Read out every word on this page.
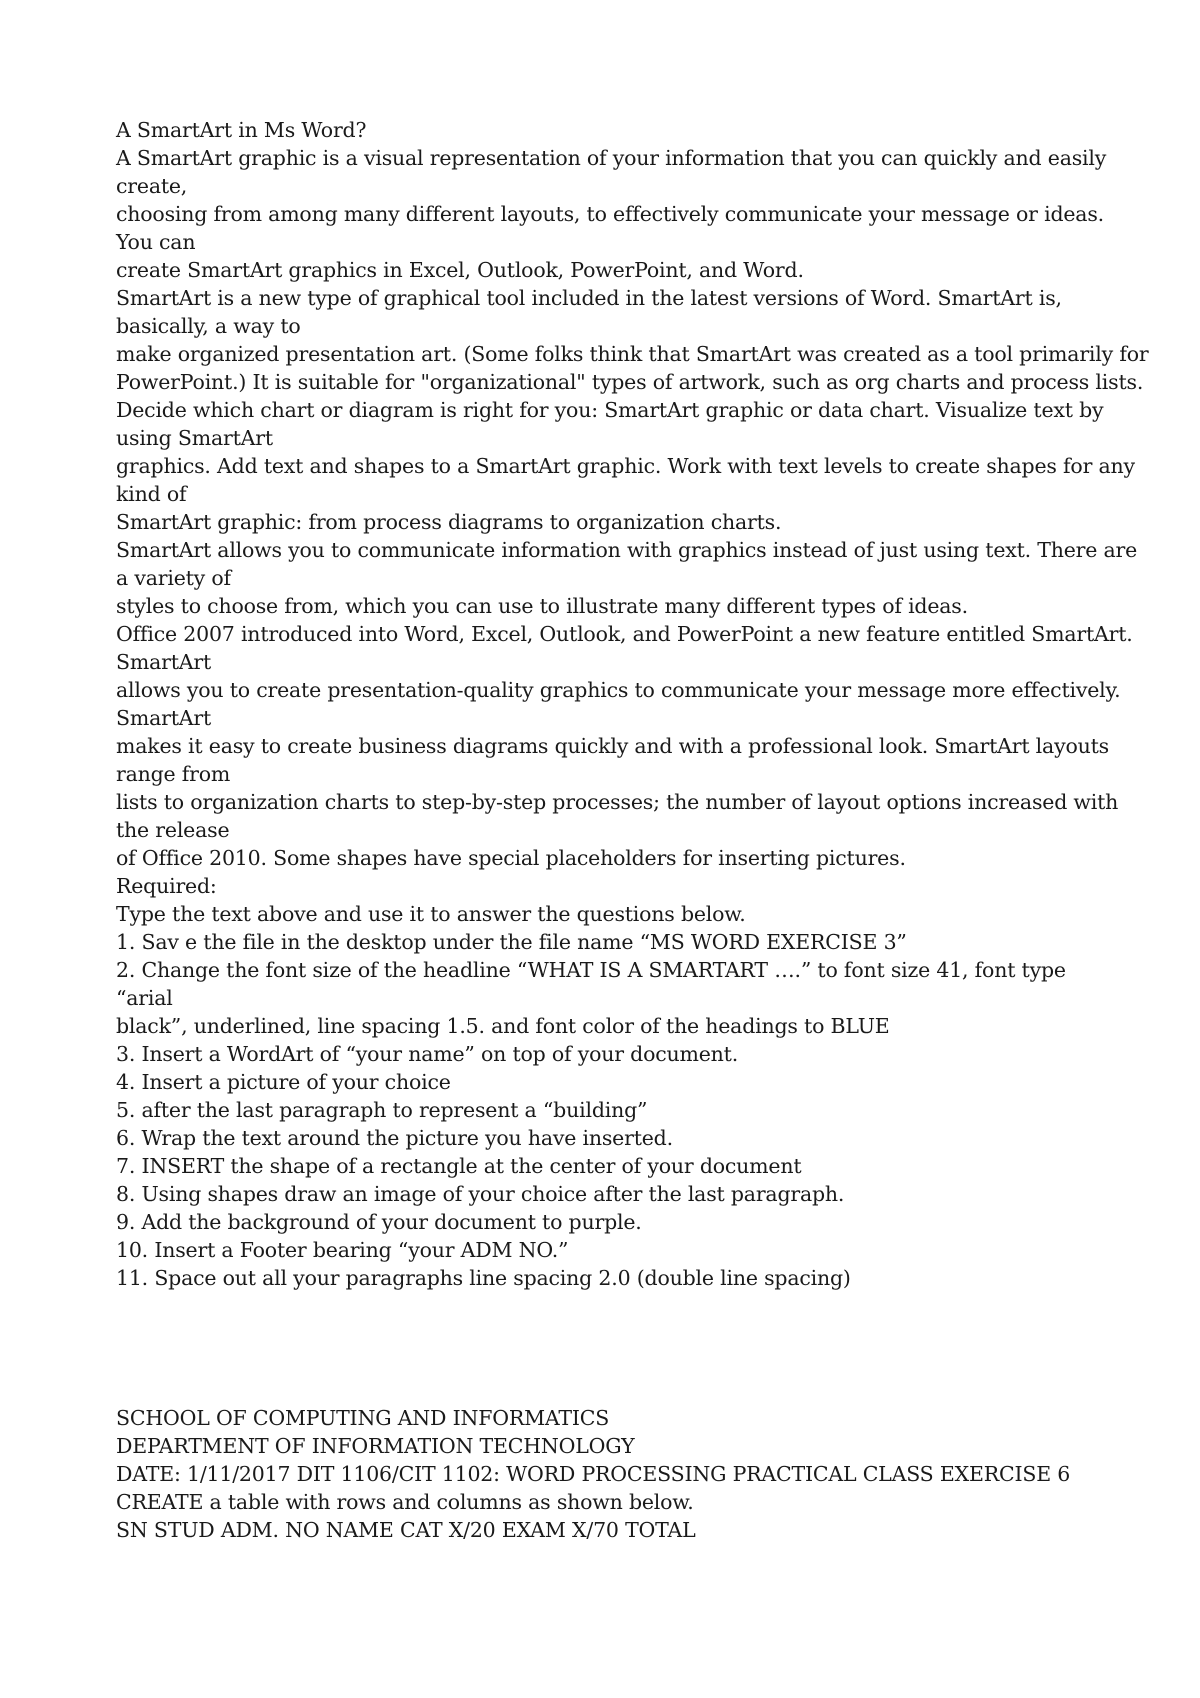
A SmartArt in Ms Word?
A SmartArt graphic is a visual representation of your information that you can quickly and easily
create,
choosing from among many different layouts, to effectively communicate your message or ideas.
You can
create SmartArt graphics in Excel, Outlook, PowerPoint, and Word.
SmartArt is a new type of graphical tool included in the latest versions of Word. SmartArt is,
basically, a way to
make organized presentation art. (Some folks think that SmartArt was created as a tool primarily for
PowerPoint.) It is suitable for "organizational" types of artwork, such as org charts and process lists.
Decide which chart or diagram is right for you: SmartArt graphic or data chart. Visualize text by
using SmartArt
graphics. Add text and shapes to a SmartArt graphic. Work with text levels to create shapes for any
kind of
SmartArt graphic: from process diagrams to organization charts.
SmartArt allows you to communicate information with graphics instead of just using text. There are
a variety of
styles to choose from, which you can use to illustrate many different types of ideas.
Office 2007 introduced into Word, Excel, Outlook, and PowerPoint a new feature entitled SmartArt.
SmartArt
allows you to create presentation-quality graphics to communicate your message more effectively.
SmartArt
makes it easy to create business diagrams quickly and with a professional look. SmartArt layouts
range from
lists to organization charts to step-by-step processes; the number of layout options increased with
the release
of Office 2010. Some shapes have special placeholders for inserting pictures.
Required:
Type the text above and use it to answer the questions below.
1. Sav e the file in the desktop under the file name “MS WORD EXERCISE 3”
2. Change the font size of the headline “WHAT IS A SMARTART ….” to font size 41, font type
“arial
black”, underlined, line spacing 1.5. and font color of the headings to BLUE
3. Insert a WordArt of “your name” on top of your document.
4. Insert a picture of your choice
5. after the last paragraph to represent a “building”
6. Wrap the text around the picture you have inserted.
7. INSERT the shape of a rectangle at the center of your document
8. Using shapes draw an image of your choice after the last paragraph.
9. Add the background of your document to purple.
10. Insert a Footer bearing “your ADM NO.”
11. Space out all your paragraphs line spacing 2.0 (double line spacing)
SCHOOL OF COMPUTING AND INFORMATICS
DEPARTMENT OF INFORMATION TECHNOLOGY
DATE: 1/11/2017 DIT 1106/CIT 1102: WORD PROCESSING PRACTICAL CLASS EXERCISE 6
CREATE a table with rows and columns as shown below.
SN STUD ADM. NO NAME CAT X/20 EXAM X/70 TOTAL
